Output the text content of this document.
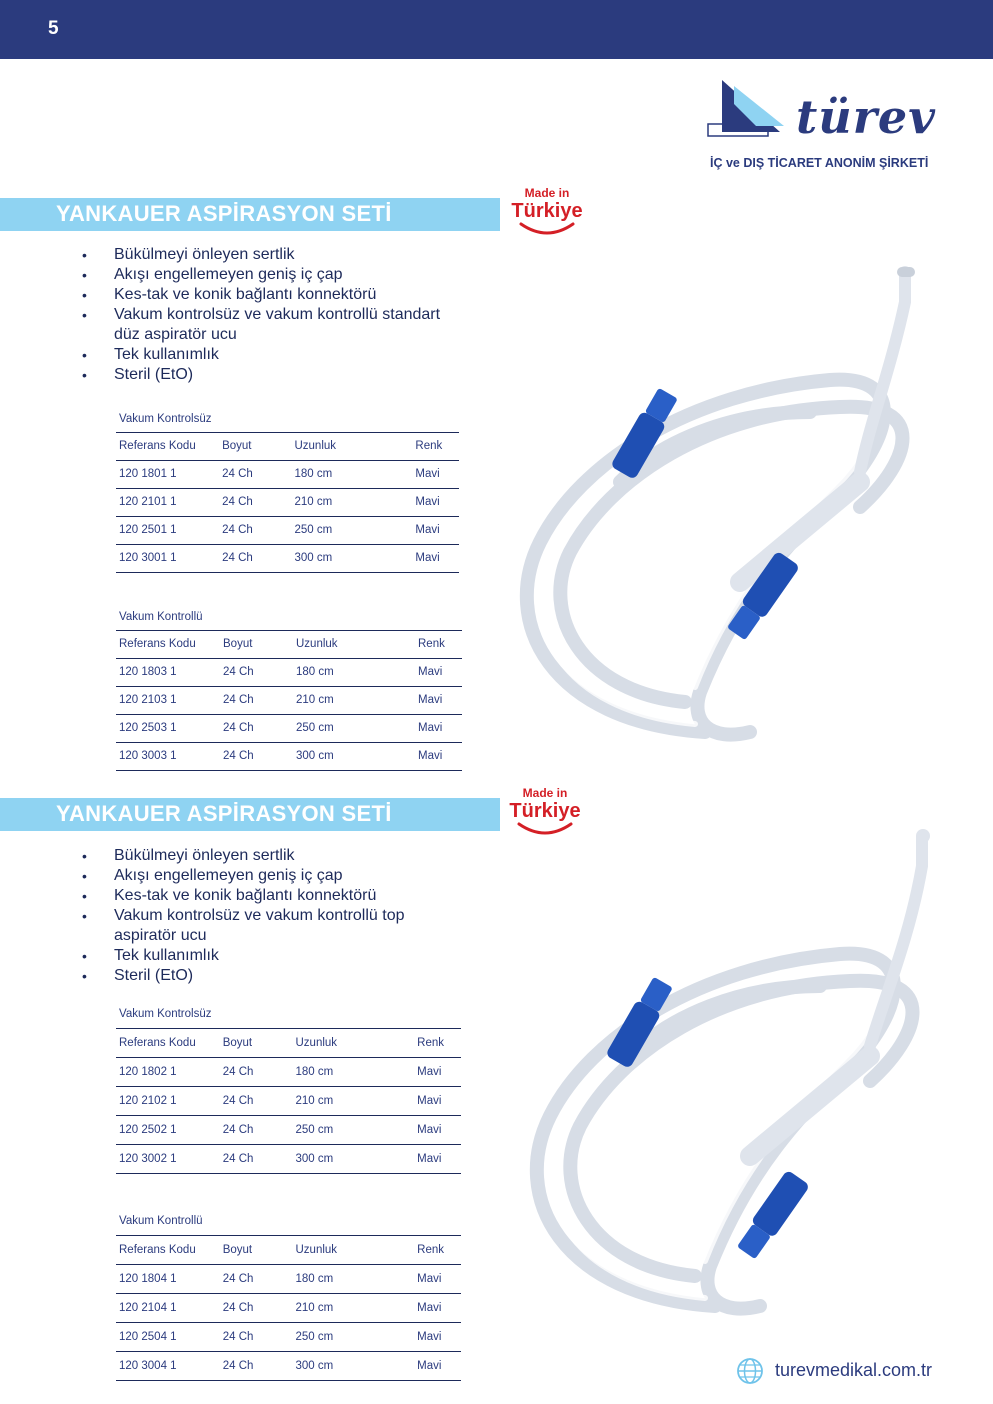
5
türev
İÇ ve DIŞ TİCARET ANONİM ŞİRKETİ
YANKAUER ASPİRASYON SETİ
Made in
Türkiye
• Bükülmeyi önleyen sertlik
• Akışı engellemeyen geniş iç çap
• Kes-tak ve konik bağlantı konnektörü
• Vakum kontrolsüz ve vakum kontrollü standart düz aspiratör ucu
• Tek kullanımlık
• Steril (EtO)
Vakum Kontrolsüz
Referans Kodu	Boyut	Uzunluk	Renk
120 1801 1	24 Ch	180 cm	Mavi
120 2101 1	24 Ch	210 cm	Mavi
120 2501 1	24 Ch	250 cm	Mavi
120 3001 1	24 Ch	300 cm	Mavi
Vakum Kontrollü
Referans Kodu	Boyut	Uzunluk	Renk
120 1803 1	24 Ch	180 cm	Mavi
120 2103 1	24 Ch	210 cm	Mavi
120 2503 1	24 Ch	250 cm	Mavi
120 3003 1	24 Ch	300 cm	Mavi
YANKAUER ASPİRASYON SETİ
Made in
Türkiye
• Bükülmeyi önleyen sertlik
• Akışı engellemeyen geniş iç çap
• Kes-tak ve konik bağlantı konnektörü
• Vakum kontrolsüz ve vakum kontrollü top aspiratör ucu
• Tek kullanımlık
• Steril (EtO)
Vakum Kontrolsüz
Referans Kodu	Boyut	Uzunluk	Renk
120 1802 1	24 Ch	180 cm	Mavi
120 2102 1	24 Ch	210 cm	Mavi
120 2502 1	24 Ch	250 cm	Mavi
120 3002 1	24 Ch	300 cm	Mavi
Vakum Kontrollü
Referans Kodu	Boyut	Uzunluk	Renk
120 1804 1	24 Ch	180 cm	Mavi
120 2104 1	24 Ch	210 cm	Mavi
120 2504 1	24 Ch	250 cm	Mavi
120 3004 1	24 Ch	300 cm	Mavi	turevmedikal.com.tr
